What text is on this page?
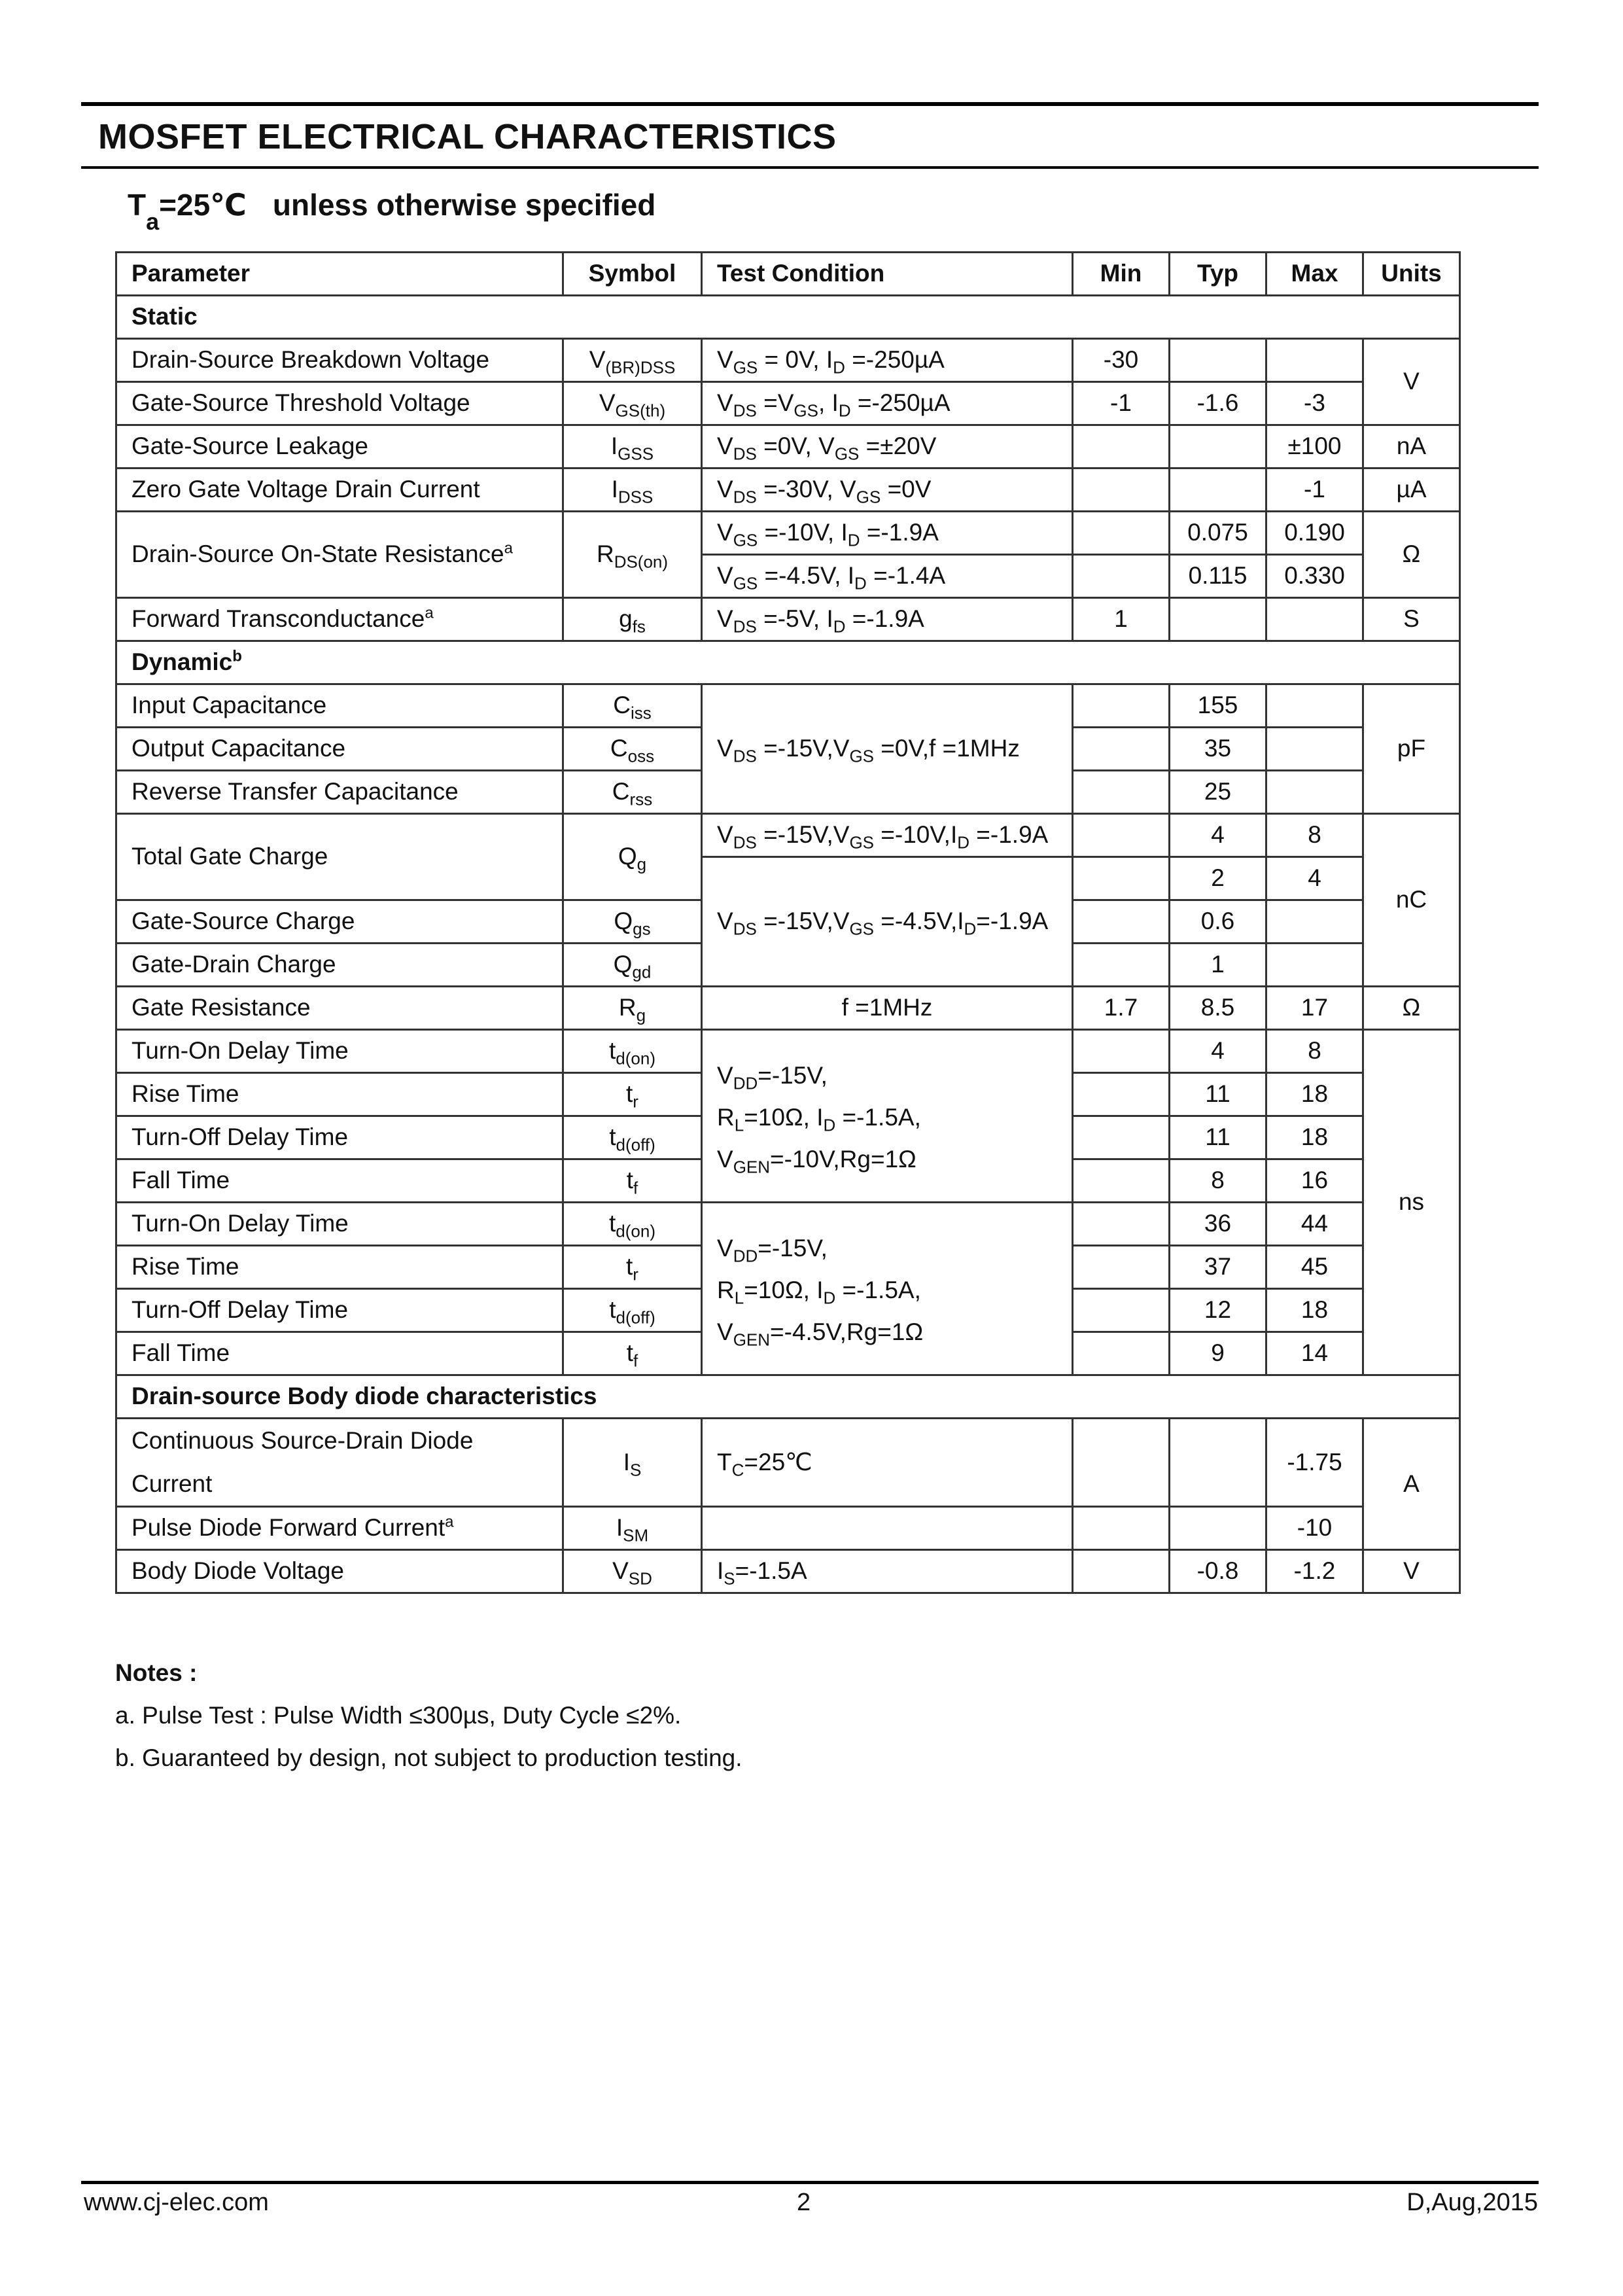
MOSFET ELECTRICAL CHARACTERISTICS
$T_a=25℃$ unless otherwise specified
Parameter	Symbol	Test Condition	Min	Typ	Max	Units
Static						
Drain-Source Breakdown Voltage	$V_{(BR)DSS}$	$V_{GS} = 0V$, $I_D =-250\mu A$	-30			V
Gate-Source Threshold Voltage	$V_{GS(th)}$	$V_{DS} =V_{GS}$, $I_D =-250\mu A$	-1	-1.6	-3	
Gate-Source Leakage	$I_{GSS}$	$V_{DS} =0V$, $V_{GS} =\pm 20V$			±100	nA
Zero Gate Voltage Drain Current	$I_{DSS}$	$V_{DS} =-30V$, $V_{GS} =0V$			-1	µA
Drain-Source On-State Resistance$^a$	$R_{DS(on)}$	$V_{GS} =-10V$, $I_D =-1.9A$		0.075	0.190	Ω
		$V_{GS} =-4.5V$, $I_D =-1.4A$		0.115	0.330	
Forward Transconductance$^a$	$g_{fs}$	$V_{DS} =-5V$, $I_D =-1.9A$	1			S
Dynamic$^b$
Input Capacitance	$C_{iss}$	$V_{DS} =-15V,V_{GS} =0V,f =1MHz$		155		pF
Output Capacitance	$C_{oss}$			35		
Reverse Transfer Capacitance	$C_{rss}$			25		
Total Gate Charge	$Q_g$	$V_{DS} =-15V,V_{GS} =-10V,I_D =-1.9A$		4	8	nC
		$V_{DS} =-15V,V_{GS} =-4.5V,I_D=-1.9A$		2	4	
Gate-Source Charge	$Q_{gs}$			0.6		
Gate-Drain Charge	$Q_{gd}$			1		
Gate Resistance	$R_g$	f =1MHz	1.7	8.5	17	Ω
Turn-On Delay Time	$t_{d(on)}$	$V_{DD}=-15V$,
$R_L=10\Omega$, $I_D =-1.5A$,
$V_{GEN}=-10V,Rg=1\Omega$		4	8	ns
Rise Time	$t_r$			11	18	
Turn-Off Delay Time	$t_{d(off)}$			11	18	
Fall Time	$t_f$			8	16	
Turn-On Delay Time	$t_{d(on)}$	$V_{DD}=-15V$,
$R_L=10\Omega$, $I_D =-1.5A$,
$V_{GEN}=-4.5V,Rg=1\Omega$		36	44	
Rise Time	$t_r$			37	45	
Turn-Off Delay Time	$t_{d(off)}$			12	18	
Fall Time	$t_f$			9	14	
Drain-source Body diode characteristics						

Continuous Source-Drain Diode
Current	$I_S$	$T_C=25℃$			-1.75	A
Pulse Diode Forward Current$^a$	$I_{SM}$				-10	
Body Diode Voltage	$V_{SD}$	$I_S=-1.5A$		-0.8	-1.2	V
Notes :
a. Pulse Test : Pulse Width ≤300µs, Duty Cycle ≤2%.
b. Guaranteed by design, not subject to production testing.
www.cj-elec.com	2	D,Aug,2015
